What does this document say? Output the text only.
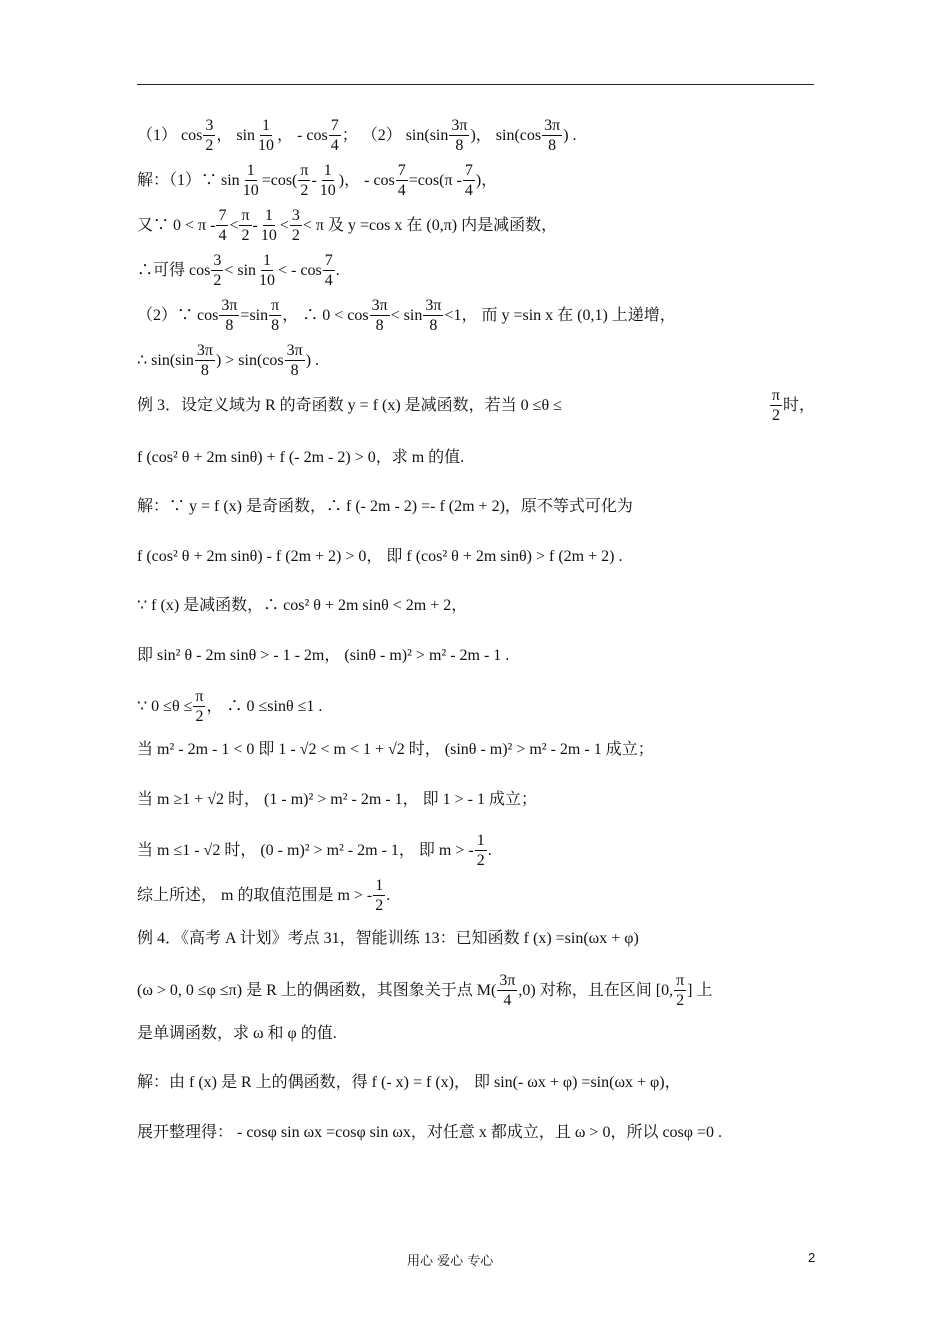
（1） $\cos \frac{3}{2}$ ， $\sin \frac{1}{10}$ ， - $\cos \frac{7}{4}$ ； （2） $\sin(\sin \frac{3\pi}{8}$ )， $\sin(\cos \frac{3\pi}{8}$ ) .
解：（1）∵ $\sin \frac{1}{10} =\cos( \frac{\pi}{2} - \frac{1}{10}$ )， - $\cos \frac{7}{4} =\cos(\pi - \frac{7}{4}$ )，
又∵ $0 < \pi - \frac{7}{4} < \frac{\pi}{2} - \frac{1}{10} < \frac{3}{2} < \pi$ 及 y =cos x 在 (0,π) 内是减函数，
∴可得 $\cos \frac{3}{2} < \sin \frac{1}{10}$ < - $\cos \frac{7}{4}$ .
（2）∵ $\cos \frac{3\pi}{8} =\sin \frac{\pi}{8}$ ， ∴ $0 < \cos \frac{3\pi}{8} < \sin \frac{3\pi}{8} <1$， 而 y =sin x 在 (0,1) 上递增，
∴ $\sin(\sin \frac{3\pi}{8}$ ) > $\sin(\cos \frac{3\pi}{8}$ ) .
例 3．设定义域为 R 的奇函数 y = f (x) 是减函数，若当 0 ≤θ ≤	$\frac{\pi}{2}$ 时，
f (cos² θ + 2m sinθ) + f (- 2m - 2) > 0，求 m 的值.
解：∵ y = f (x) 是奇函数，∴ f (- 2m - 2) =- f (2m + 2)，原不等式可化为
f (cos² θ + 2m sinθ) - f (2m + 2) > 0， 即 f (cos² θ + 2m sinθ) > f (2m + 2) .
∵ f (x) 是减函数，∴ cos² θ + 2m sinθ < 2m + 2，
即 sin² θ - 2m sinθ > - 1 - 2m， (sinθ - m)² > m² - 2m - 1 .
∵ $0 \le\theta \le \frac{\pi}{2}$ ， ∴ 0 ≤sinθ ≤1 .
当 m² - 2m - 1 < 0 即 1 - √2 < m < 1 + √2 时， (sinθ - m)² > m² - 2m - 1 成立；
当 m ≥1 + √2 时， (1 - m)² > m² - 2m - 1， 即 1 > - 1 成立；
当 m ≤1 - √2 时， (0 - m)² > m² - 2m - 1， 即 m > - $\frac{1}{2}$ .
综上所述， m 的取值范围是 m > - $\frac{1}{2}$ .
例 4．《高考 A 计划》考点 31，智能训练 13：已知函数 f (x) =sin(ωx + φ)
(ω > 0, 0 ≤φ ≤π) 是 R 上的偶函数，其图象关于点 $M( \frac{3\pi}{4} ,0)$ 对称，且在区间 [0, $\frac{\pi}{2}$ ] 上
是单调函数，求 ω 和 φ 的值.
解：由 f (x) 是 R 上的偶函数，得 f (- x) = f (x)， 即 sin(- ωx + φ) =sin(ωx + φ)，
展开整理得： - cosφ sin ωx =cosφ sin ωx，对任意 x 都成立，且 ω > 0，所以 cosφ =0 .
用心 爱心 专心	2
